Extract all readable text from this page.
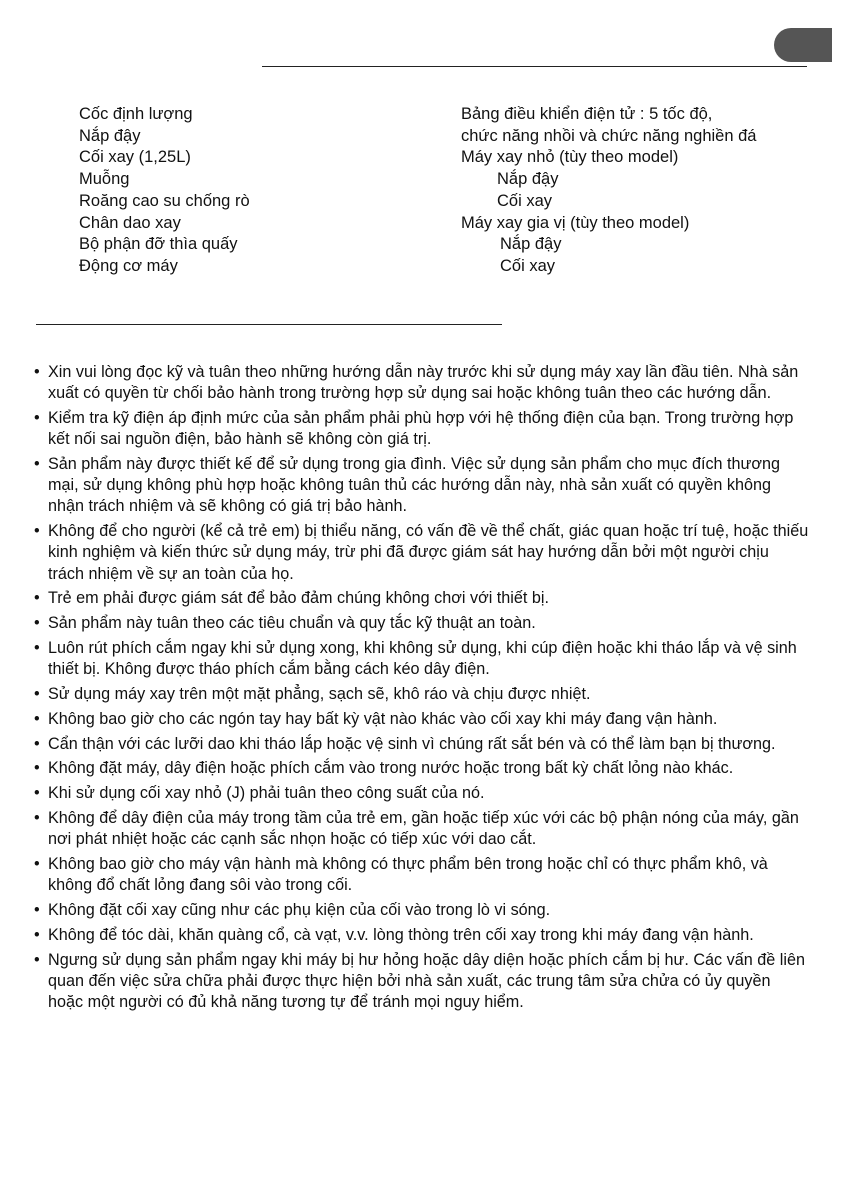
Cốc định lượng
Nắp đậy
Cối xay (1,25L)
Muỗng
Roăng cao su chống rò
Chân dao xay
Bộ phận đỡ thìa quấy
Động cơ máy
Bảng điều khiển điện tử : 5 tốc độ,
chức năng nhồi và chức năng nghiền đá
Máy xay nhỏ (tùy theo model)
Nắp đậy
Cối xay
Máy xay gia vị (tùy theo model)
Nắp đậy
Cối xay
• Xin vui lòng đọc kỹ và tuân theo những hướng dẫn này trước khi sử dụng máy xay lần đầu tiên. Nhà sản xuất có quyền từ chối bảo hành trong trường hợp sử dụng sai hoặc không tuân theo các hướng dẫn.
• Kiểm tra kỹ điện áp định mức của sản phẩm phải phù hợp với hệ thống điện của bạn. Trong trường hợp kết nối sai nguồn điện, bảo hành sẽ không còn giá trị.
• Sản phẩm này được thiết kế để sử dụng trong gia đình. Việc sử dụng sản phẩm cho mục đích thương mại, sử dụng không phù hợp hoặc không tuân thủ các hướng dẫn này, nhà sản xuất có quyền không nhận trách nhiệm và sẽ không có giá trị bảo hành.
• Không để cho người (kể cả trẻ em) bị thiểu năng, có vấn đề về thể chất, giác quan hoặc trí tuệ, hoặc thiếu kinh nghiệm và kiến thức sử dụng máy, trừ phi đã được giám sát hay hướng dẫn bởi một người chịu trách nhiệm về sự an toàn của họ.
• Trẻ em phải được giám sát để bảo đảm chúng không chơi với thiết bị.
• Sản phẩm này tuân theo các tiêu chuẩn và quy tắc kỹ thuật an toàn.
• Luôn rút phích cắm ngay khi sử dụng xong, khi không sử dụng, khi cúp điện hoặc khi tháo lắp và vệ sinh thiết bị. Không được tháo phích cắm bằng cách kéo dây điện.
• Sử dụng máy xay trên một mặt phẳng, sạch sẽ, khô ráo và chịu được nhiệt.
• Không bao giờ cho các ngón tay hay bất kỳ vật nào khác vào cối xay khi máy đang vận hành.
• Cẩn thận với các lưỡi dao khi tháo lắp hoặc vệ sinh vì chúng rất sắt bén và có thể làm bạn bị thương.
• Không đặt máy, dây điện hoặc phích cắm vào trong nước hoặc trong bất kỳ chất lỏng nào khác.
• Khi sử dụng cối xay nhỏ (J) phải tuân theo công suất của nó.
• Không để dây điện của máy trong tầm của trẻ em, gần hoặc tiếp xúc với các bộ phận nóng của máy, gần nơi phát nhiệt hoặc các cạnh sắc nhọn hoặc có tiếp xúc với dao cắt.
• Không bao giờ cho máy vận hành mà không có thực phẩm bên trong hoặc chỉ có thực phẩm khô, và không đổ chất lỏng đang sôi vào trong cối.
• Không đặt cối xay cũng như các phụ kiện của cối vào trong lò vi sóng.
• Không để tóc dài, khăn quàng cổ, cà vạt, v.v. lòng thòng trên cối xay trong khi máy đang vận hành.
• Ngưng sử dụng sản phẩm ngay khi máy bị hư hỏng hoặc dây diện hoặc phích cắm bị hư. Các vấn đề liên quan đến việc sửa chữa phải được thực hiện bởi nhà sản xuất, các trung tâm sửa chửa có ủy quyền hoặc một người có đủ khả năng tương tự để tránh mọi nguy hiểm.
